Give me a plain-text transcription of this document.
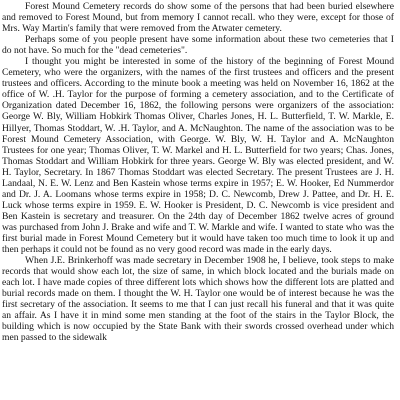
Forest Mound Cemetery records do show some of the persons that had been buried elsewhere and removed to Forest Mound, but from memory I cannot recall. who they were, except for those of Mrs. Way Martin's family that were removed from the Atwater cemetery.

Perhaps some of you people present have some information about these two cemeteries that I do not have. So much for the "dead cemeteries".

I thought you might be interested in some of the history of the beginning of Forest Mound Cemetery, who were the organizers, with the names of the first trustees and officers and the present trustees and officers. According to the minute book a meeting was held on November 16, 1862 at the office of W. .H. Taylor for the purpose of forming a cemetery association, and to the Certificate of Organization dated December 16, 1862, the following persons were organizers of the association: George W. Bly, William Hobkirk Thomas Oliver, Charles Jones, H. L. Butterfield, T. W. Markle, E. Hillyer, Thomas Stoddart, W. .H. Taylor, and A. McNaughton. The name of the association was to be Forest Mound Cemetery Association, with George. W. Bly, W. H. Taylor and A. McNaughton Trustees for one year; Thomas Oliver, T. W. Markel and H. L. Butterfield for two years; Chas. Jones, Thomas Stoddart and William Hobkirk for three years. George W. Bly was elected president, and W. H. Taylor, Secretary. In 1867 Thomas Stoddart was elected Secretary. The present Trustees are J. H. Landaal, N. E. W. Lenz and Ben Kastein whose terms expire in 1957; E. W. Hooker, Ed Nummerdor and Dr. J. A. Loomans whose terms expire in 1958; D. C. Newcomb, Drew J. Pattee, and Dr. H. E. Luck whose terms expire in 1959. E. W. Hooker is President, D. C. Newcomb is vice president and Ben Kastein is secretary and treasurer. On the 24th day of December 1862 twelve acres of ground was purchased from John J. Brake and wife and T. W. Markle and wife. I wanted to state who was the first burial made in Forest Mound Cemetery but it would have taken too much time to look it up and then perhaps it could not be found as no very good record was made in the early days.

When J.E. Brinkerhoff was made secretary in December 1908 he, I believe, took steps to make records that would show each lot, the size of same, in which block located and the burials made on each lot. I have made copies of three different lots which shows how the different lots are platted and burial records made on them. I thought the W. H. Taylor one would be of interest because he was the first secretary of the association. It seems to me that I can just recall his funeral and that it was quite an affair. As I have it in mind some men standing at the foot of the stairs in the Taylor Block, the building which is now occupied by the State Bank with their swords crossed overhead under which men passed to the sidewalk
